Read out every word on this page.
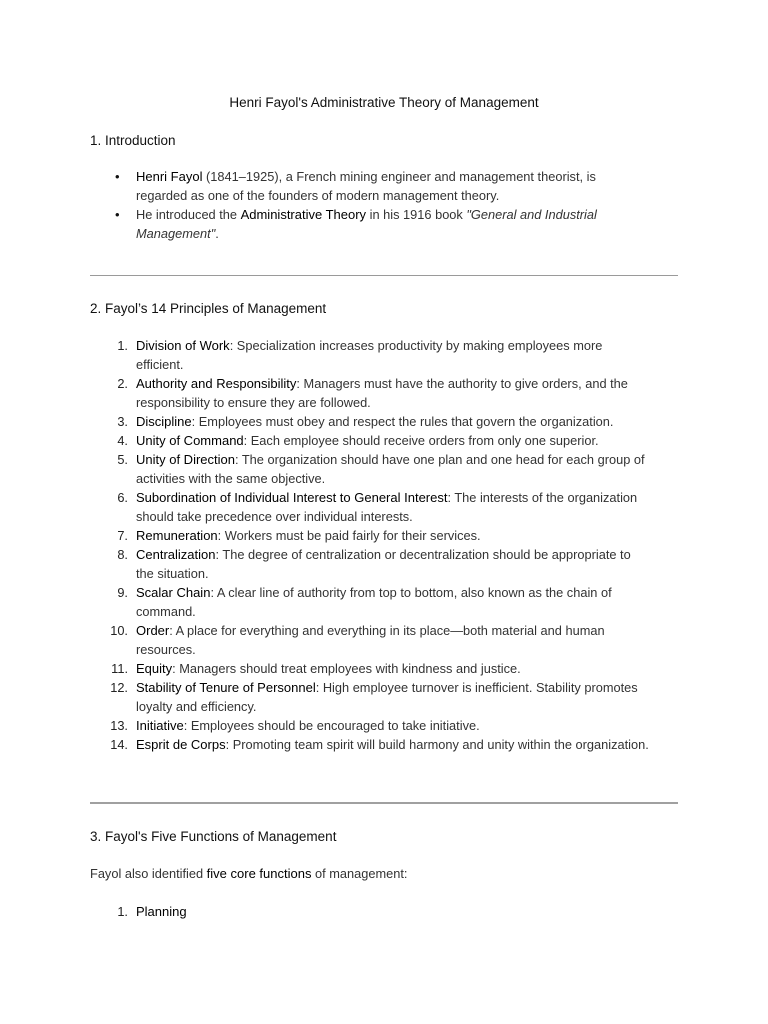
Henri Fayol's Administrative Theory of Management
1. Introduction
•	Henri Fayol (1841–1925), a French mining engineer and management theorist, is regarded as one of the founders of modern management theory.
•	He introduced the Administrative Theory in his 1916 book "General and Industrial Management".
2. Fayol’s 14 Principles of Management
1. Division of Work: Specialization increases productivity by making employees more efficient.
2. Authority and Responsibility: Managers must have the authority to give orders, and the responsibility to ensure they are followed.
3. Discipline: Employees must obey and respect the rules that govern the organization.
4. Unity of Command: Each employee should receive orders from only one superior.
5. Unity of Direction: The organization should have one plan and one head for each group of activities with the same objective.
6. Subordination of Individual Interest to General Interest: The interests of the organization should take precedence over individual interests.
7. Remuneration: Workers must be paid fairly for their services.
8. Centralization: The degree of centralization or decentralization should be appropriate to the situation.
9. Scalar Chain: A clear line of authority from top to bottom, also known as the chain of command.
10. Order: A place for everything and everything in its place—both material and human resources.
11. Equity: Managers should treat employees with kindness and justice.
12. Stability of Tenure of Personnel: High employee turnover is inefficient. Stability promotes loyalty and efficiency.
13. Initiative: Employees should be encouraged to take initiative.
14. Esprit de Corps: Promoting team spirit will build harmony and unity within the organization.
3. Fayol's Five Functions of Management
Fayol also identified five core functions of management:
1. Planning
